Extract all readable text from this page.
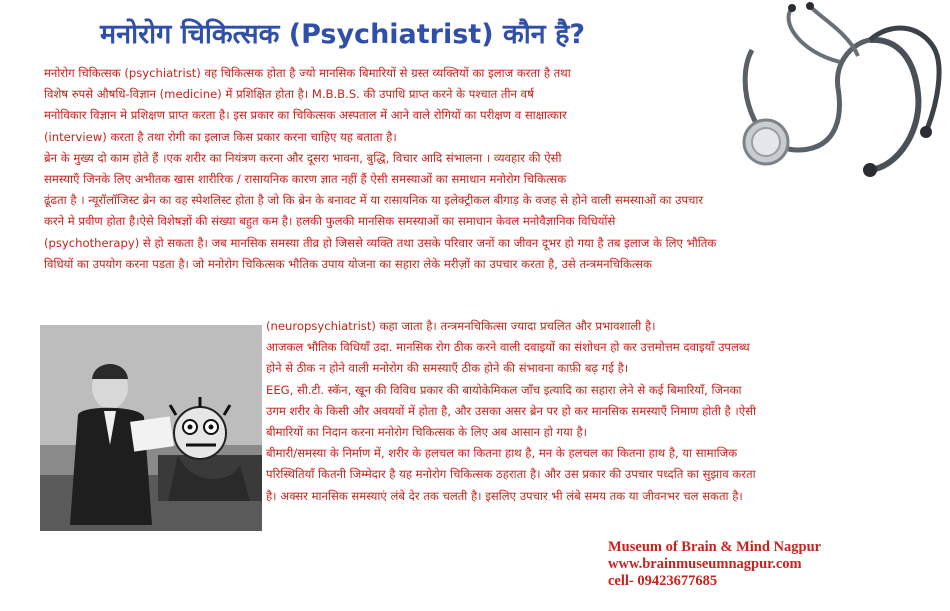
मनोरोग चिकित्सक (Psychiatrist) कौन है?

मनोरोग चिकित्सक (psychiatrist) वह चिकित्सक होता है ज्यो मानसिक बिमारियों से ग्रस्त व्यक्तियों का इलाज करता है तथा

विशेष रुपसे औषधि-विज्ञान (medicine) में प्रशिक्षित होता है। M.B.B.S. की उपाधि प्राप्त करने के पश्चात तीन वर्ष

मनोविकार विज्ञान मे प्रशिक्षण प्राप्त करता है। इस प्रकार का चिकित्सक अस्पताल में आने वाले रोगियों का परीक्षण व साक्षात्कार

(interview) करता है तथा रोगी का इलाज किस प्रकार करना चाहिए यह बताता है।

ब्रेन के मुख्य दो काम होते हैं ।एक शरीर का नियंत्रण करना और दूसरा भावना, बुद्धि, विचार आदि संभालना । व्यवहार की ऐसी

समस्याएँ जिनके लिए अभीतक खास शारीरिक / रासायनिक कारण ज्ञात नहीं हैं ऐसी समस्याओं का समाधान मनोरोग चिकित्सक

ढूंढता है । न्यूरॉलॉजिस्ट ब्रेन का वह स्पेशलिस्ट होता है जो कि ब्रेन के बनावट में या रासायनिक या इलेक्ट्रीकल बीगाड़ के वजह से होने वाली समस्याओं का उपचार

करने मे प्रवीण होता है।ऐसे विशेषज्ञों की संख्या बहुत कम है। हलकी फुलकी मानसिक समस्याओं का समाधान केवल मनोवैज्ञानिक विधियोंसे

(psychotherapy) से हो सकता है। जब मानसिक समस्या तीव्र हो जिससे व्यक्ति तथा उसके परिवार जनों का जीवन दूभर हो गया है तब इलाज के लिए भौतिक

विधियों का उपयोग करना पडता है। जो मनोरोग चिकित्सक भौतिक उपाय योजना का सहारा लेके मरीज़ों का उपचार करता है, उसे तन्त्रमनचिकित्सक

(neuropsychiatrist) कहा जाता है। तन्त्रमनचिकित्सा ज्यादा प्रचलित और प्रभावशाली है।

आजकल भौतिक विधियाँ उदा. मानसिक रोग ठीक करने वाली दवाइयों का संशोधन हो कर उत्तमोत्तम दवाइयाँ उपलब्ध

होने से ठीक न होने वाली मनोरोग की समस्याएँ ठीक होने की संभावना काफ़ी बढ़ गई है।

EEG, सी.टी. स्कॅन, खून की विविध प्रकार की बायोकेमिकल जाँच इत्यादि का सहारा लेने से कई बिमारियाँ, जिनका

उगम शरीर के किसी और अवयवों में होता है, और उसका असर ब्रेन पर हो कर मानसिक समस्याएँ निमाण होती है ।ऐसी

बीमारियों का निदान करना मनोरोग चिकित्सक के लिए अब आसान हो गया है।

बीमारी/समस्या के निर्माण में, शरीर के हलचल का कितना हाथ है, मन के हलचल का कितना हाथ है, या सामाजिक

परिस्थितियाँ कितनी जिम्मेदार है यह मनोरोग चिकित्सक ठहराता है। और उस प्रकार की उपचार पध्दति का सुझाव करता

है। अक्सर मानसिक समस्याएं लंबे देर तक चलती है। इसलिए उपचार भी लंबे समय तक या जीवनभर चल सकता है।

Museum of Brain & Mind Nagpur
www.brainmuseumnagpur.com
cell- 09423677685
